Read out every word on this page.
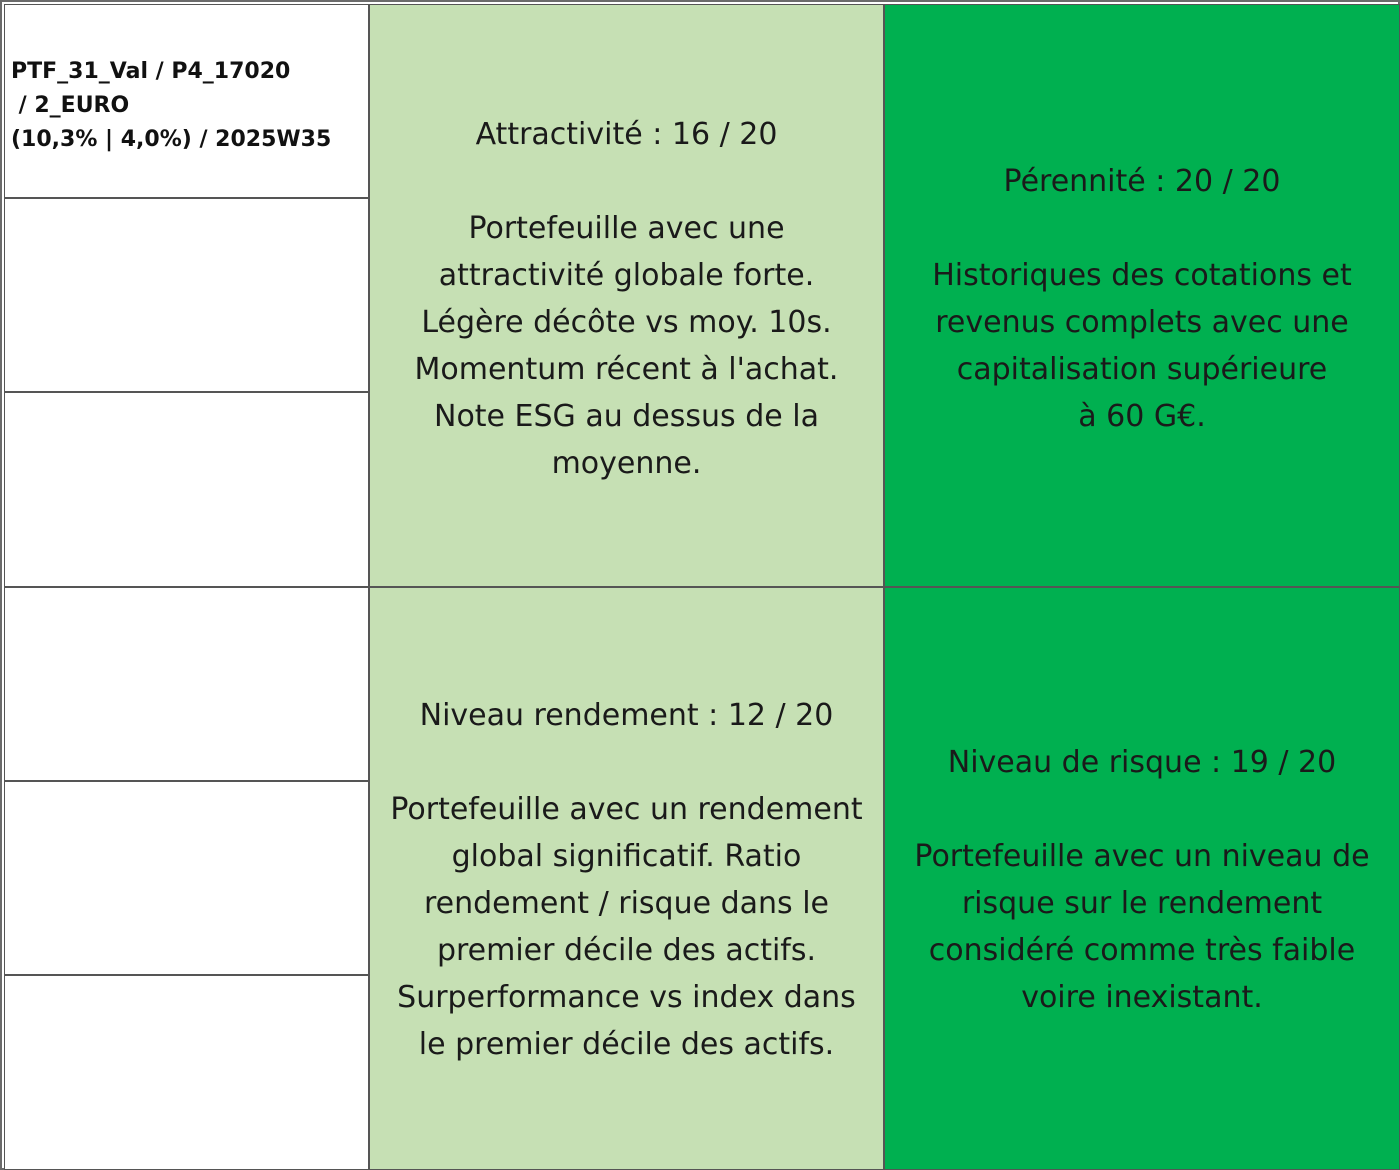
PTF_31_Val / P4_17020
/ 2_EURO
(10,3% | 4,0%) / 2025W35	Attractivité : 16 / 20
Portefeuille avec une
attractivité globale forte.
Légère décôte vs moy. 10s.
Momentum récent à l'achat.
Note ESG au dessus de la
moyenne.
Pérennité : 20 / 20
Historiques des cotations et
revenus complets avec une
capitalisation supérieure
à 60 G€.
Niveau rendement : 12 / 20
Portefeuille avec un rendement
global significatif. Ratio
rendement / risque dans le
premier décile des actifs.
Surperformance vs index dans
le premier décile des actifs.
Niveau de risque : 19 / 20
Portefeuille avec un niveau de
risque sur le rendement
considéré comme très faible
voire inexistant.
